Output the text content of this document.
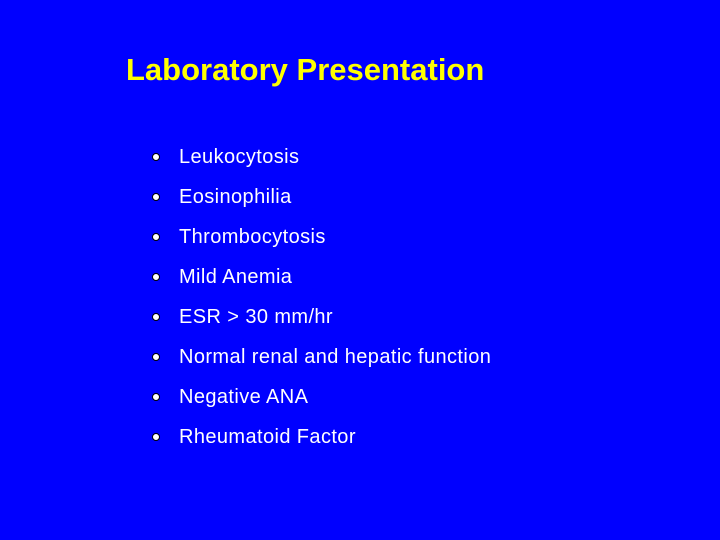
Laboratory Presentation
Leukocytosis
Eosinophilia
Thrombocytosis
Mild Anemia
ESR > 30 mm/hr
Normal renal and hepatic function
Negative ANA
Rheumatoid Factor
